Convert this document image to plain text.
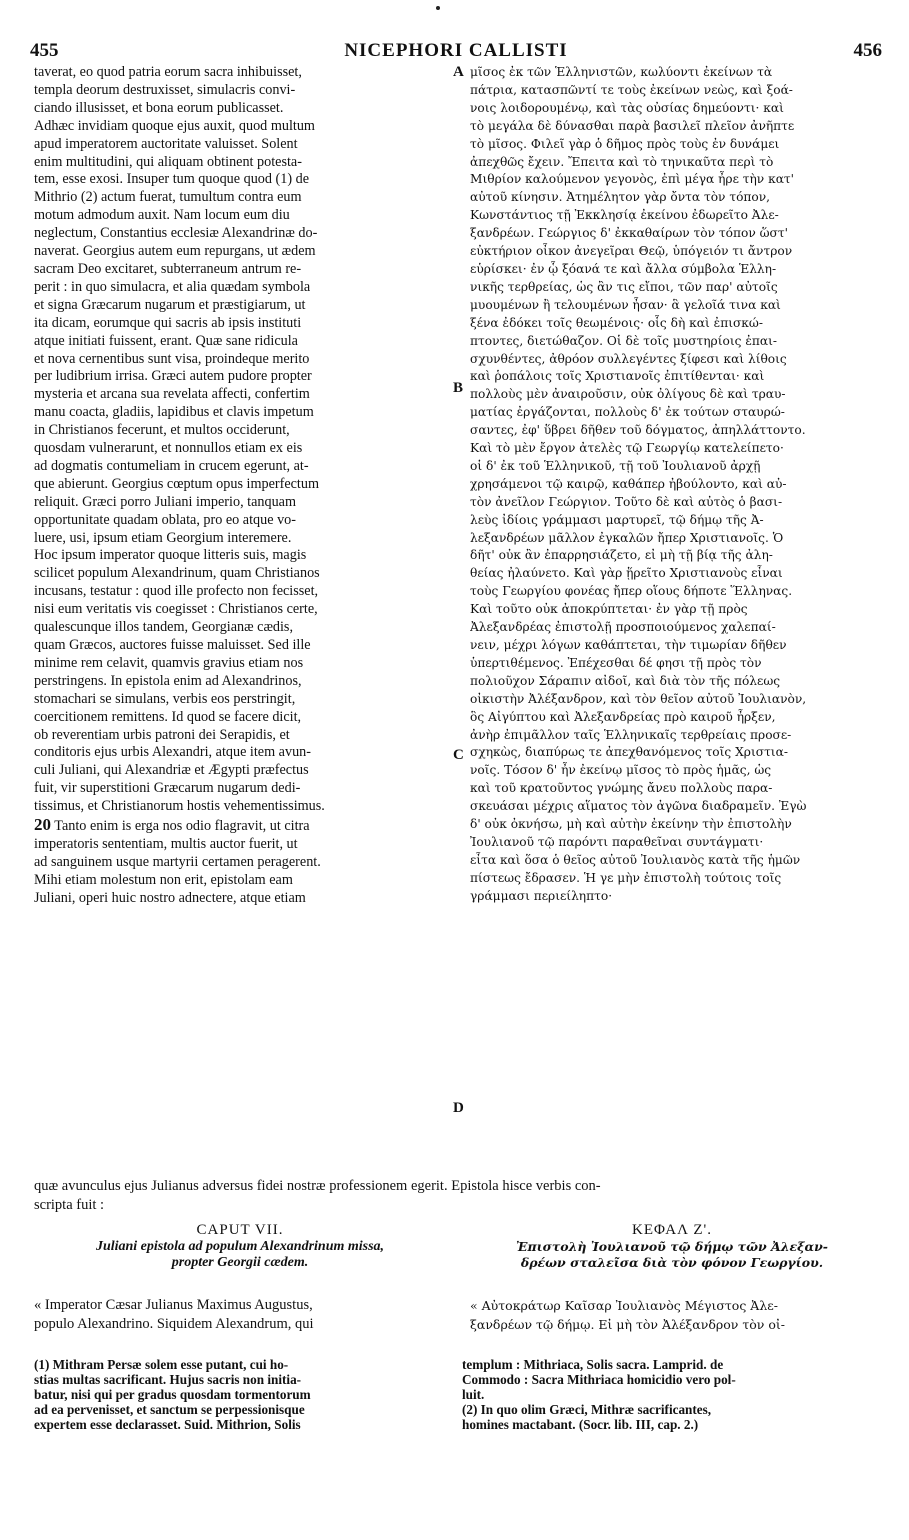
455	NICEPHORI CALLISTI	456
taverat, eo quod patria eorum sacra inhibuisset,
templa deorum destruxisset, simulacris convi-
ciando illusisset, et bona eorum publicasset.
Adhæc invidiam quoque ejus auxit, quod multum
apud imperatorem auctoritate valuisset. Solent
enim multitudini, qui aliquam obtinent potesta-
tem, esse exosi. Insuper tum quoque quod (1) de
Mithrio (2) actum fuerat, tumultum contra eum
motum admodum auxit. Nam locum eum diu
neglectum, Constantius ecclesiæ Alexandrinæ do-
naverat. Georgius autem eum repurgans, ut ædem
sacram Deo excitaret, subterraneum antrum re-
perit : in quo simulacra, et alia quædam symbola
et signa Græcarum nugarum et præstigiarum, ut
ita dicam, eorumque qui sacris ab ipsis instituti
atque initiati fuissent, erant. Quæ sane ridicula
et nova cernentibus sunt visa, proindeque merito
per ludibrium irrisa. Græci autem pudore propter
mysteria et arcana sua revelata affecti, confertim
manu coacta, gladiis, lapidibus et clavis impetum
in Christianos fecerunt, et multos occiderunt,
quosdam vulnerarunt, et nonnullos etiam ex eis
ad dogmatis contumeliam in crucem egerunt, at-
que abierunt. Georgius cœptum opus imperfectum
reliquit. Græci porro Juliani imperio, tanquam
opportunitate quadam oblata, pro eo atque vo-
luere, usi, ipsum etiam Georgium interemere.
Hoc ipsum imperator quoque litteris suis, magis
scilicet populum Alexandrinum, quam Christianos
incusans, testatur : quod ille profecto non fecisset,
nisi eum veritatis vis coegisset : Christianos certe,
qualescunque illos tandem, Georgianæ cædis,
quam Græcos, auctores fuisse maluisset. Sed ille
minime rem celavit, quamvis gravius etiam nos
perstringens. In epistola enim ad Alexandrinos,
stomachari se simulans, verbis eos perstringit,
coercitionem remittens. Id quod se facere dicit,
ob reverentiam urbis patroni dei Serapidis, et
conditoris ejus urbis Alexandri, atque item avun-
culi Juliani, qui Alexandriæ et Ægypti præfectus
fuit, vir superstitioni Græcarum nugarum dedi-
tissimus, et Christianorum hostis vehementissimus.
20 Tanto enim is erga nos odio flagravit, ut citra
imperatoris sententiam, multis auctor fuerit, ut
ad sanguinem usque martyrii certamen peragerent.
Mihi etiam molestum non erit, epistolam eam
Juliani, operi huic nostro adnectere, atque etiam
μῖσος ἐκ τῶν Ἑλληνιστῶν, κωλύοντι ἐκείνων τὰ
πάτρια, κατασπῶντί τε τοὺς ἐκείνων νεὼς, καὶ ξοά-
νοις λοιδορουμένῳ, καὶ τὰς οὐσίας δημεύοντι· καὶ
τὸ μεγάλα δὲ δύνασθαι παρὰ βασιλεῖ πλεῖον ἀνῆπτε
τὸ μῖσος. Φιλεῖ γὰρ ὁ δῆμος πρὸς τοὺς ἐν δυνάμει
ἀπεχθῶς ἔχειν. Ἔπειτα καὶ τὸ τηνικαῦτα περὶ τὸ
Μιθρίον καλούμενον γεγονὸς, ἐπὶ μέγα ἦρε τὴν κατ'
αὐτοῦ κίνησιν. Ἀτημέλητον γὰρ ὄντα τὸν τόπον,
Κωνστάντιος τῇ Ἐκκλησίᾳ ἐκείνου ἐδωρεῖτο Ἀλε-
ξανδρέων. Γεώργιος δ' ἐκκαθαίρων τὸν τόπον ὥστ'
εὐκτήριον οἶκον ἀνεγεῖραι Θεῷ, ὑπόγειόν τι ἄντρον
εὑρίσκει· ἐν ᾧ ξόανά τε καὶ ἄλλα σύμβολα Ἑλλη-
νικῆς τερθρείας, ὡς ἂν τις εἴποι, τῶν παρ' αὐτοῖς
μυουμένων ἢ τελουμένων ἦσαν· ἃ γελοῖά τινα καὶ
ξένα ἐδόκει τοῖς θεωμένοις· οἷς δὴ καὶ ἐπισκώ-
πτοντες, διετώθαζον. Οἱ δὲ τοῖς μυστηρίοις ἐπαι-
σχυνθέντες, ἀθρόον συλλεγέντες ξίφεσι καὶ λίθοις
καὶ ῥοπάλοις τοῖς Χριστιανοῖς ἐπιτίθενται· καὶ
πολλοὺς μὲν ἀναιροῦσιν, οὐκ ὀλίγους δὲ καὶ τραυ-
ματίας ἐργάζονται, πολλοὺς δ' ἐκ τούτων σταυρώ-
σαντες, ἐφ' ὕβρει δῆθεν τοῦ δόγματος, ἀπηλλάττοντο.
Καὶ τὸ μὲν ἔργον ἀτελὲς τῷ Γεωργίῳ κατελείπετο·
οἱ δ' ἐκ τοῦ Ἑλληνικοῦ, τῇ τοῦ Ἰουλιανοῦ ἀρχῇ
χρησάμενοι τῷ καιρῷ, καθάπερ ἠβούλοντο, καὶ αὐ-
τὸν ἀνεῖλον Γεώργιον. Τοῦτο δὲ καὶ αὐτὸς ὁ βασι-
λεὺς ἰδίοις γράμμασι μαρτυρεῖ, τῷ δήμῳ τῆς Ἀ-
λεξανδρέων μᾶλλον ἐγκαλῶν ἤπερ Χριστιανοῖς. Ὁ
δῆτ' οὐκ ἂν ἐπαρρησιάζετο, εἰ μὴ τῇ βίᾳ τῆς ἀλη-
θείας ἠλαύνετο. Καὶ γὰρ ᾕρεῖτο Χριστιανοὺς εἶναι
τοὺς Γεωργίου φονέας ἤπερ οἵους δήποτε Ἕλληνας.
Καὶ τοῦτο οὐκ ἀποκρύπτεται· ἐν γὰρ τῇ πρὸς
Ἀλεξανδρέας ἐπιστολῇ προσποιούμενος χαλεπαί-
νειν, μέχρι λόγων καθάπτεται, τὴν τιμωρίαν δῆθεν
ὑπερτιθέμενος. Ἐπέχεσθαι δέ φησι τῇ πρὸς τὸν
πολιοῦχον Σάραπιν αἰδοῖ, καὶ διὰ τὸν τῆς πόλεως
οἰκιστὴν Ἀλέξανδρον, καὶ τὸν θεῖον αὐτοῦ Ἰουλιανὸν,
ὃς Αἰγύπτου καὶ Ἀλεξανδρείας πρὸ καιροῦ ἦρξεν,
ἀνὴρ ἐπιμᾶλλον ταῖς Ἑλληνικαῖς τερθρείαις προσε-
σχηκὼς, διαπύρως τε ἀπεχθανόμενος τοῖς Χριστια-
νοῖς. Τόσον δ' ἦν ἐκείνῳ μῖσος τὸ πρὸς ἡμᾶς, ὡς
καὶ τοῦ κρατοῦντος γνώμης ἄνευ πολλοὺς παρα-
σκευάσαι μέχρις αἵματος τὸν ἀγῶνα διαδραμεῖν. Ἐγὼ
δ' οὐκ ὀκνήσω, μὴ καὶ αὐτὴν ἐκείνην τὴν ἐπιστολὴν
Ἰουλιανοῦ τῷ παρόντι παραθεῖναι συντάγματι·
εἶτα καὶ ὅσα ὁ θεῖος αὐτοῦ Ἰουλιανὸς κατὰ τῆς ἡμῶν
πίστεως ἔδρασεν. Ἡ γε μὴν ἐπιστολὴ τούτοις τοῖς
γράμμασι περιείληπτο·
A
B
C
D
quæ avunculus ejus Julianus adversus fidei nostræ professionem egerit. Epistola hisce verbis con-
scripta fuit :
CAPUT VII.
Juliani epistola ad populum Alexandrinum missa,
propter Georgii cædem.
ΚΕΦΑΛ Ζ'.
Ἐπιστολὴ Ἰουλιανοῦ τῷ δήμῳ τῶν Ἀλεξαν-
δρέων σταλεῖσα διὰ τὸν φόνον Γεωργίου.
« Imperator Cæsar Julianus Maximus Augustus,
populo Alexandrino. Siquidem Alexandrum, qui
« Αὐτοκράτωρ Καῖσαρ Ἰουλιανὸς Μέγιστος Ἀλε-
ξανδρέων τῷ δήμῳ. Εἰ μὴ τὸν Ἀλέξανδρον τὸν οἰ-
(1) Mithram Persæ solem esse putant, cui ho-
stias multas sacrificant. Hujus sacris non initia-
batur, nisi qui per gradus quosdam tormentorum
ad ea pervenisset, et sanctum se perpessionisque
expertem esse declarasset. Suid. Mithrion, Solis
templum : Mithriaca, Solis sacra. Lamprid. de
Commodo : Sacra Mithriaca homicidio vero pol-
luit.
(2) In quo olim Græci, Mithræ sacrificantes,
homines mactabant. (Socr. lib. III, cap. 2.)
